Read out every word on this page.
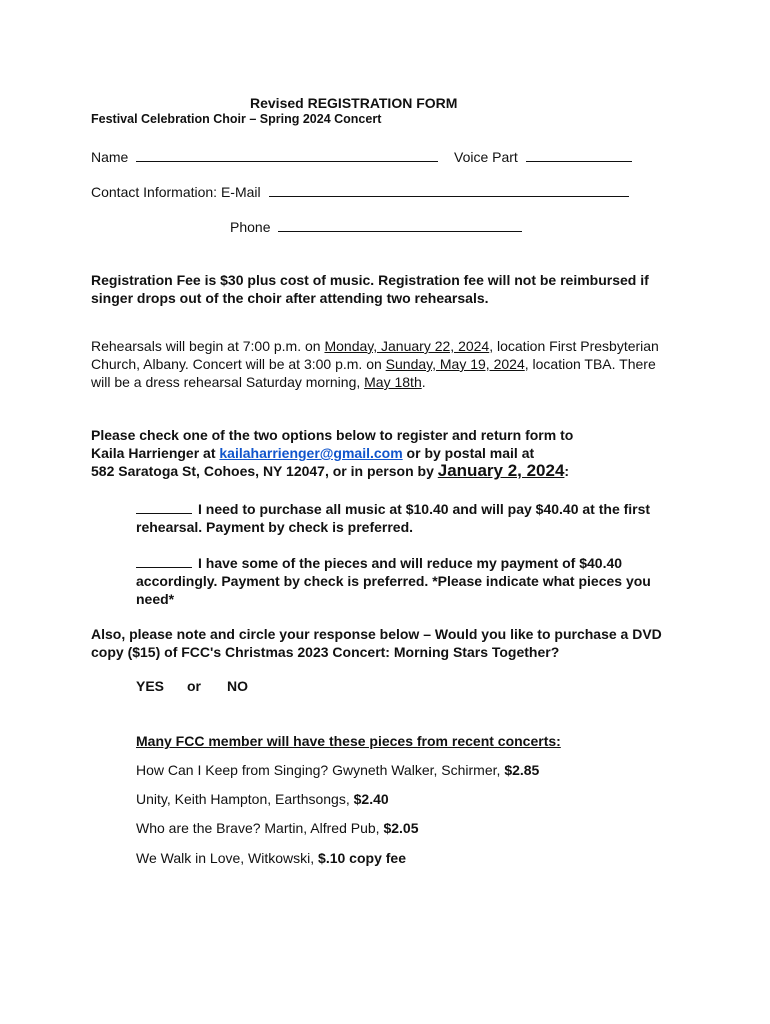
Revised REGISTRATION FORM
Festival Celebration Choir – Spring 2024 Concert
Name	Voice Part
Contact Information: E-Mail
Phone
Registration Fee is $30 plus cost of music. Registration fee will not be reimbursed if singer drops out of the choir after attending two rehearsals.
Rehearsals will begin at 7:00 p.m. on Monday, January 22, 2024, location First Presbyterian Church, Albany. Concert will be at 3:00 p.m. on Sunday, May 19, 2024, location TBA. There will be a dress rehearsal Saturday morning, May 18th.
Please check one of the two options below to register and return form to
Kaila Harrienger at kailaharrienger@gmail.com or by postal mail at
582 Saratoga St, Cohoes, NY 12047, or in person by January 2, 2024:
I need to purchase all music at $10.40 and will pay $40.40 at the first rehearsal. Payment by check is preferred.
I have some of the pieces and will reduce my payment of $40.40 accordingly. Payment by check is preferred. *Please indicate what pieces you need*
Also, please note and circle your response below – Would you like to purchase a DVD copy ($15) of FCC's Christmas 2023 Concert: Morning Stars Together?
YES or NO
Many FCC member will have these pieces from recent concerts:
How Can I Keep from Singing? Gwyneth Walker, Schirmer, $2.85
Unity, Keith Hampton, Earthsongs, $2.40
Who are the Brave? Martin, Alfred Pub, $2.05
We Walk in Love, Witkowski, $.10 copy fee
